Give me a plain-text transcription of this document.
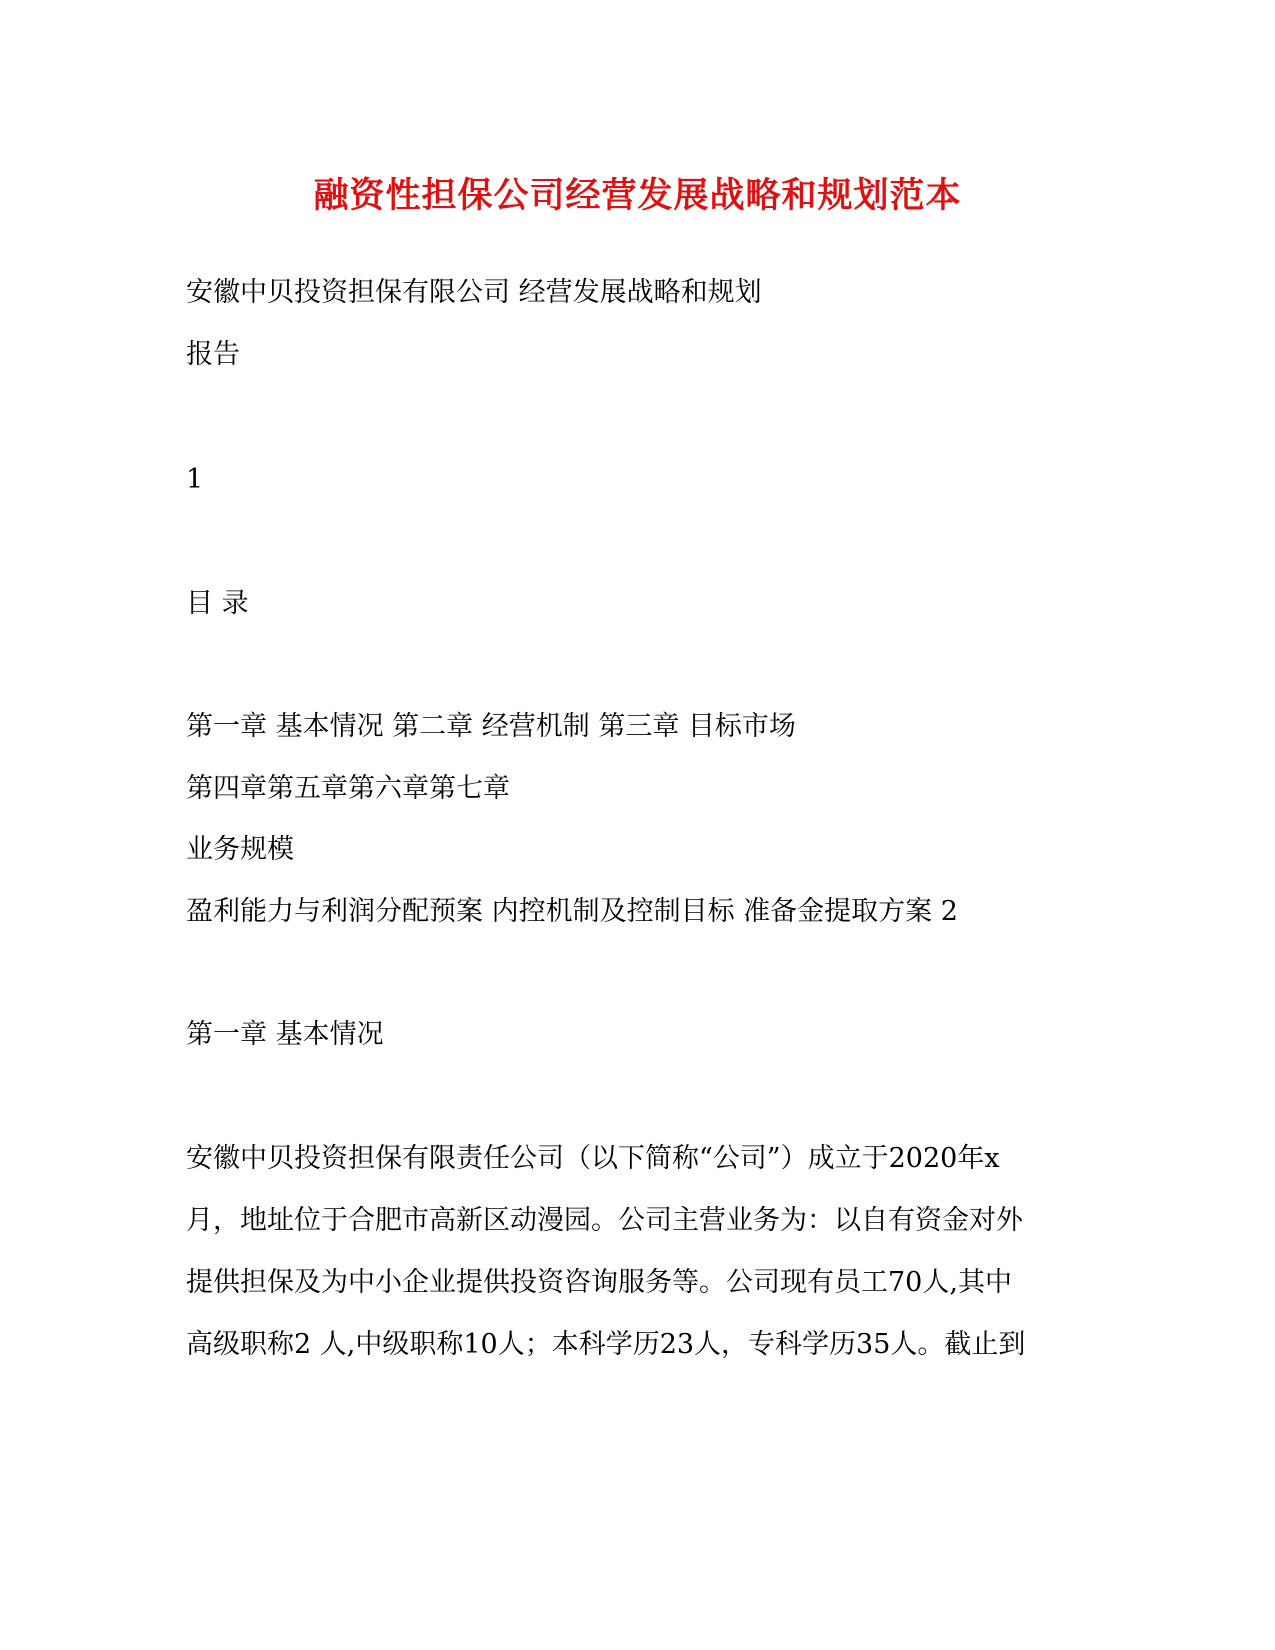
融资性担保公司经营发展战略和规划范本
安徽中贝投资担保有限公司 经营发展战略和规划
报告
1
目 录
第一章 基本情况 第二章 经营机制 第三章 目标市场
第四章第五章第六章第七章
业务规模
盈利能力与利润分配预案 内控机制及控制目标 准备金提取方案 2
第一章 基本情况
安徽中贝投资担保有限责任公司（以下简称“公司”）成立于2020年x
月，地址位于合肥市高新区动漫园。公司主营业务为：以自有资金对外
提供担保及为中小企业提供投资咨询服务等。公司现有员工70人,其中
高级职称2 人,中级职称10人；本科学历23人，专科学历35人。截止到
